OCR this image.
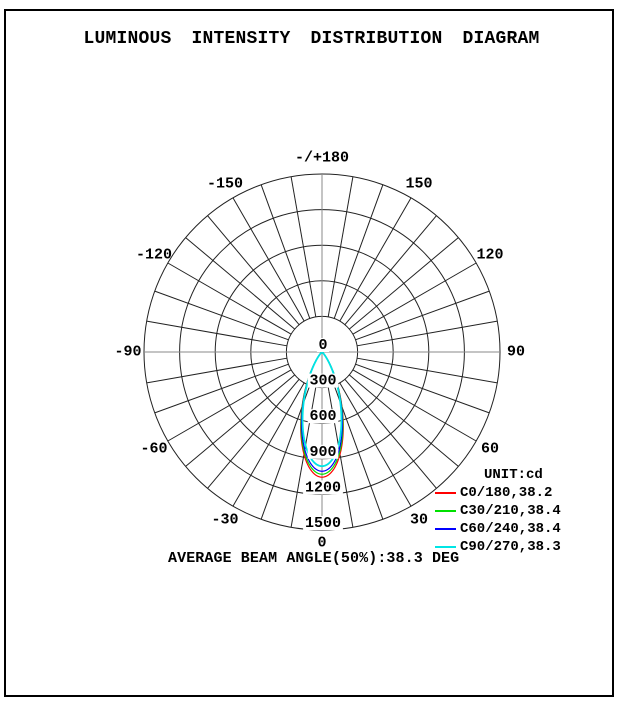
LUMINOUS INTENSITY DISTRIBUTION DIAGRAM
0
300
600
900
1200
1500
-/+180
-150	150
-120	120
-90	90
-60	60
-30	30
0
AVERAGE BEAM ANGLE(50%):38.3 DEG
UNIT:cd
C0/180,38.2
C30/210,38.4
C60/240,38.4
C90/270,38.3
